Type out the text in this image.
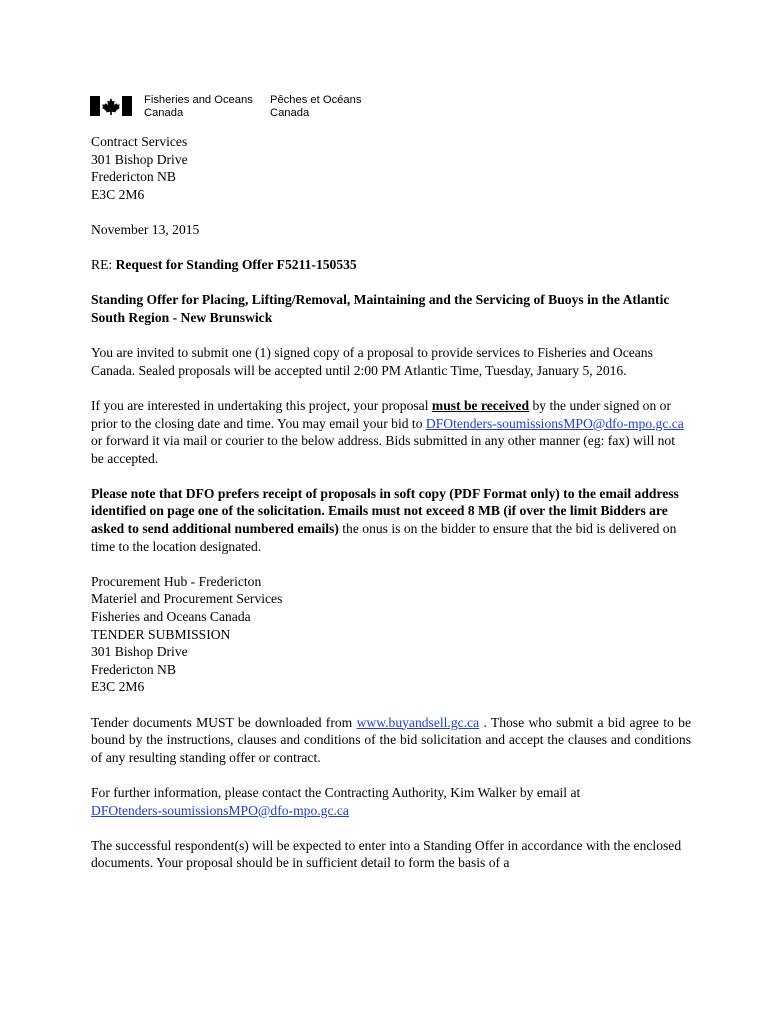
Fisheries and Oceans
Canada
Pêches et Océans
Canada
Contract Services
301 Bishop Drive
Fredericton NB
E3C 2M6

November 13, 2015

RE: Request for Standing Offer F5211-150535

Standing Offer for Placing, Lifting/Removal, Maintaining and the Servicing of Buoys in the Atlantic South Region - New Brunswick

You are invited to submit one (1) signed copy of a proposal to provide services to Fisheries and Oceans Canada. Sealed proposals will be accepted until 2:00 PM Atlantic Time, Tuesday, January 5, 2016.

If you are interested in undertaking this project, your proposal must be received by the under signed on or prior to the closing date and time. You may email your bid to DFOtenders-soumissionsMPO@dfo-mpo.gc.ca or forward it via mail or courier to the below address. Bids submitted in any other manner (eg: fax) will not be accepted.

Please note that DFO prefers receipt of proposals in soft copy (PDF Format only) to the email address identified on page one of the solicitation. Emails must not exceed 8 MB (if over the limit Bidders are asked to send additional numbered emails) the onus is on the bidder to ensure that the bid is delivered on time to the location designated.

Procurement Hub - Fredericton
Materiel and Procurement Services
Fisheries and Oceans Canada
TENDER SUBMISSION
301 Bishop Drive
Fredericton NB
E3C 2M6

Tender documents MUST be downloaded from www.buyandsell.gc.ca . Those who submit a bid agree to be bound by the instructions, clauses and conditions of the bid solicitation and accept the clauses and conditions of any resulting standing offer or contract.

For further information, please contact the Contracting Authority, Kim Walker by email at
DFOtenders-soumissionsMPO@dfo-mpo.gc.ca

The successful respondent(s) will be expected to enter into a Standing Offer in accordance with the enclosed documents. Your proposal should be in sufficient detail to form the basis of a
